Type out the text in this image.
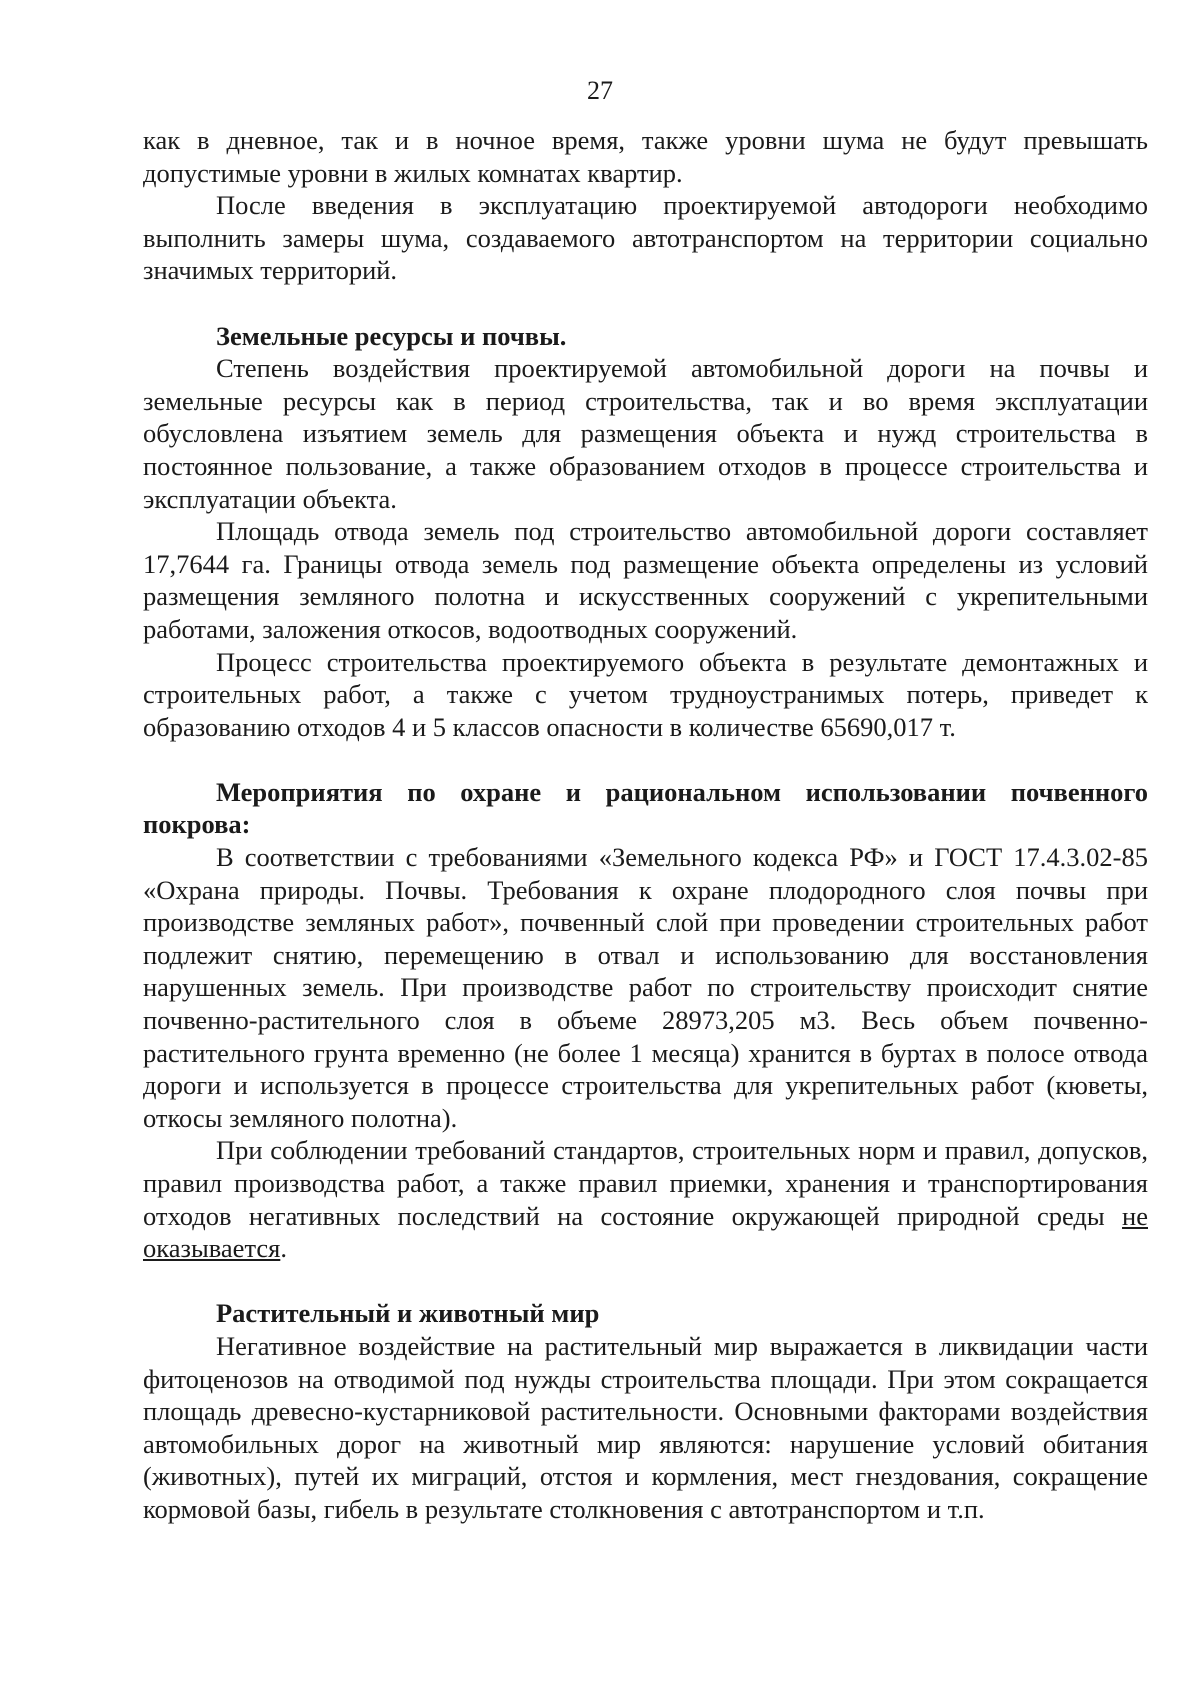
27

как в дневное, так и в ночное время, также уровни шума не будут превышать допустимые уровни в жилых комнатах квартир.

После введения в эксплуатацию проектируемой автодороги необходимо выполнить замеры шума, создаваемого автотранспортом на территории социально значимых территорий.

Земельные ресурсы и почвы.

Степень воздействия проектируемой автомобильной дороги на почвы и земельные ресурсы как в период строительства, так и во время эксплуатации обусловлена изъятием земель для размещения объекта и нужд строительства в постоянное пользование, а также образованием отходов в процессе строительства и эксплуатации объекта.

Площадь отвода земель под строительство автомобильной дороги составляет 17,7644 га. Границы отвода земель под размещение объекта определены из условий размещения земляного полотна и искусственных сооружений с укрепительными работами, заложения откосов, водоотводных сооружений.

Процесс строительства проектируемого объекта в результате демонтажных и строительных работ, а также с учетом трудноустранимых потерь, приведет к образованию отходов 4 и 5 классов опасности в количестве 65690,017 т.

Мероприятия по охране и рациональном использовании почвенного покрова:

В соответствии с требованиями «Земельного кодекса РФ» и ГОСТ 17.4.3.02-85 «Охрана природы. Почвы. Требования к охране плодородного слоя почвы при производстве земляных работ», почвенный слой при проведении строительных работ подлежит снятию, перемещению в отвал и использованию для восстановления нарушенных земель. При производстве работ по строительству происходит снятие почвенно-растительного слоя в объеме 28973,205 м3. Весь объем почвенно-растительного грунта временно (не более 1 месяца) хранится в буртах в полосе отвода дороги и используется в процессе строительства для укрепительных работ (кюветы, откосы земляного полотна).

При соблюдении требований стандартов, строительных норм и правил, допусков, правил производства работ, а также правил приемки, хранения и транспортирования отходов негативных последствий на состояние окружающей природной среды не оказывается.

Растительный и животный мир

Негативное воздействие на растительный мир выражается в ликвидации части фитоценозов на отводимой под нужды строительства площади. При этом сокращается площадь древесно-кустарниковой растительности. Основными факторами воздействия автомобильных дорог на животный мир являются: нарушение условий обитания (животных), путей их миграций, отстоя и кормления, мест гнездования, сокращение кормовой базы, гибель в результате столкновения с автотранспортом и т.п.
